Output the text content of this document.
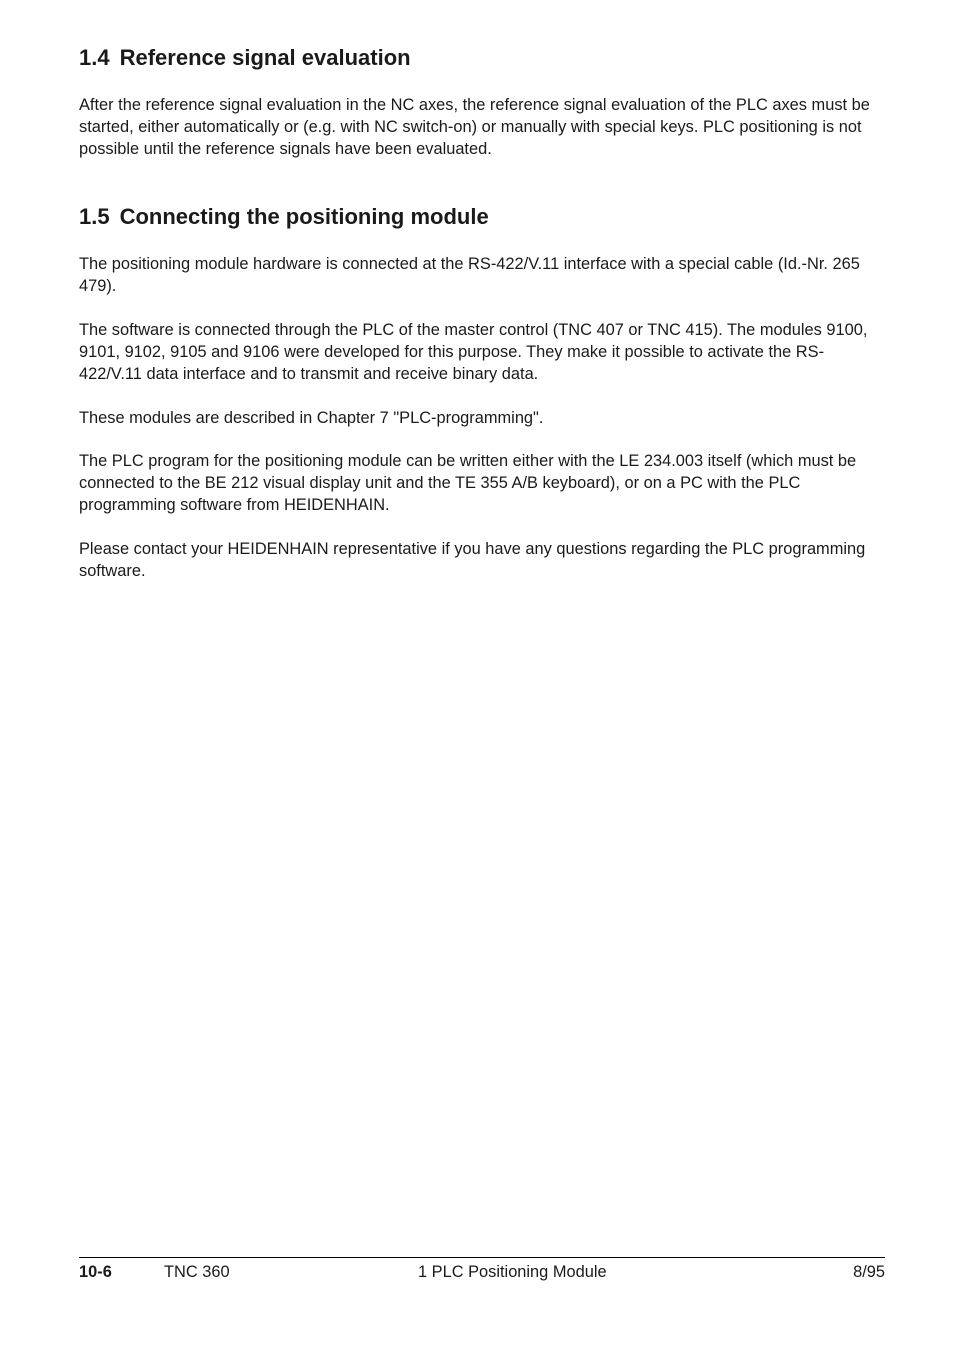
1.4 Reference signal evaluation

After the reference signal evaluation in the NC axes, the reference signal evaluation of the PLC axes must be started, either automatically or (e.g. with NC switch-on) or manually with special keys. PLC positioning is not possible until the reference signals have been evaluated.

1.5 Connecting the positioning module

The positioning module hardware is connected at the RS-422/V.11 interface with a special cable (Id.-Nr. 265 479).

The software is connected through the PLC of the master control (TNC 407 or TNC 415). The modules 9100, 9101, 9102, 9105 and 9106 were developed for this purpose. They make it possible to activate the RS-422/V.11 data interface and to transmit and receive binary data.

These modules are described in Chapter 7 "PLC-programming".

The PLC program for the positioning module can be written either with the LE 234.003 itself (which must be connected to the BE 212 visual display unit and the TE 355 A/B keyboard), or on a PC with the PLC programming software from HEIDENHAIN.

Please contact your HEIDENHAIN representative if you have any questions regarding the PLC programming software.

10-6	TNC 360	1 PLC Positioning Module	8/95
